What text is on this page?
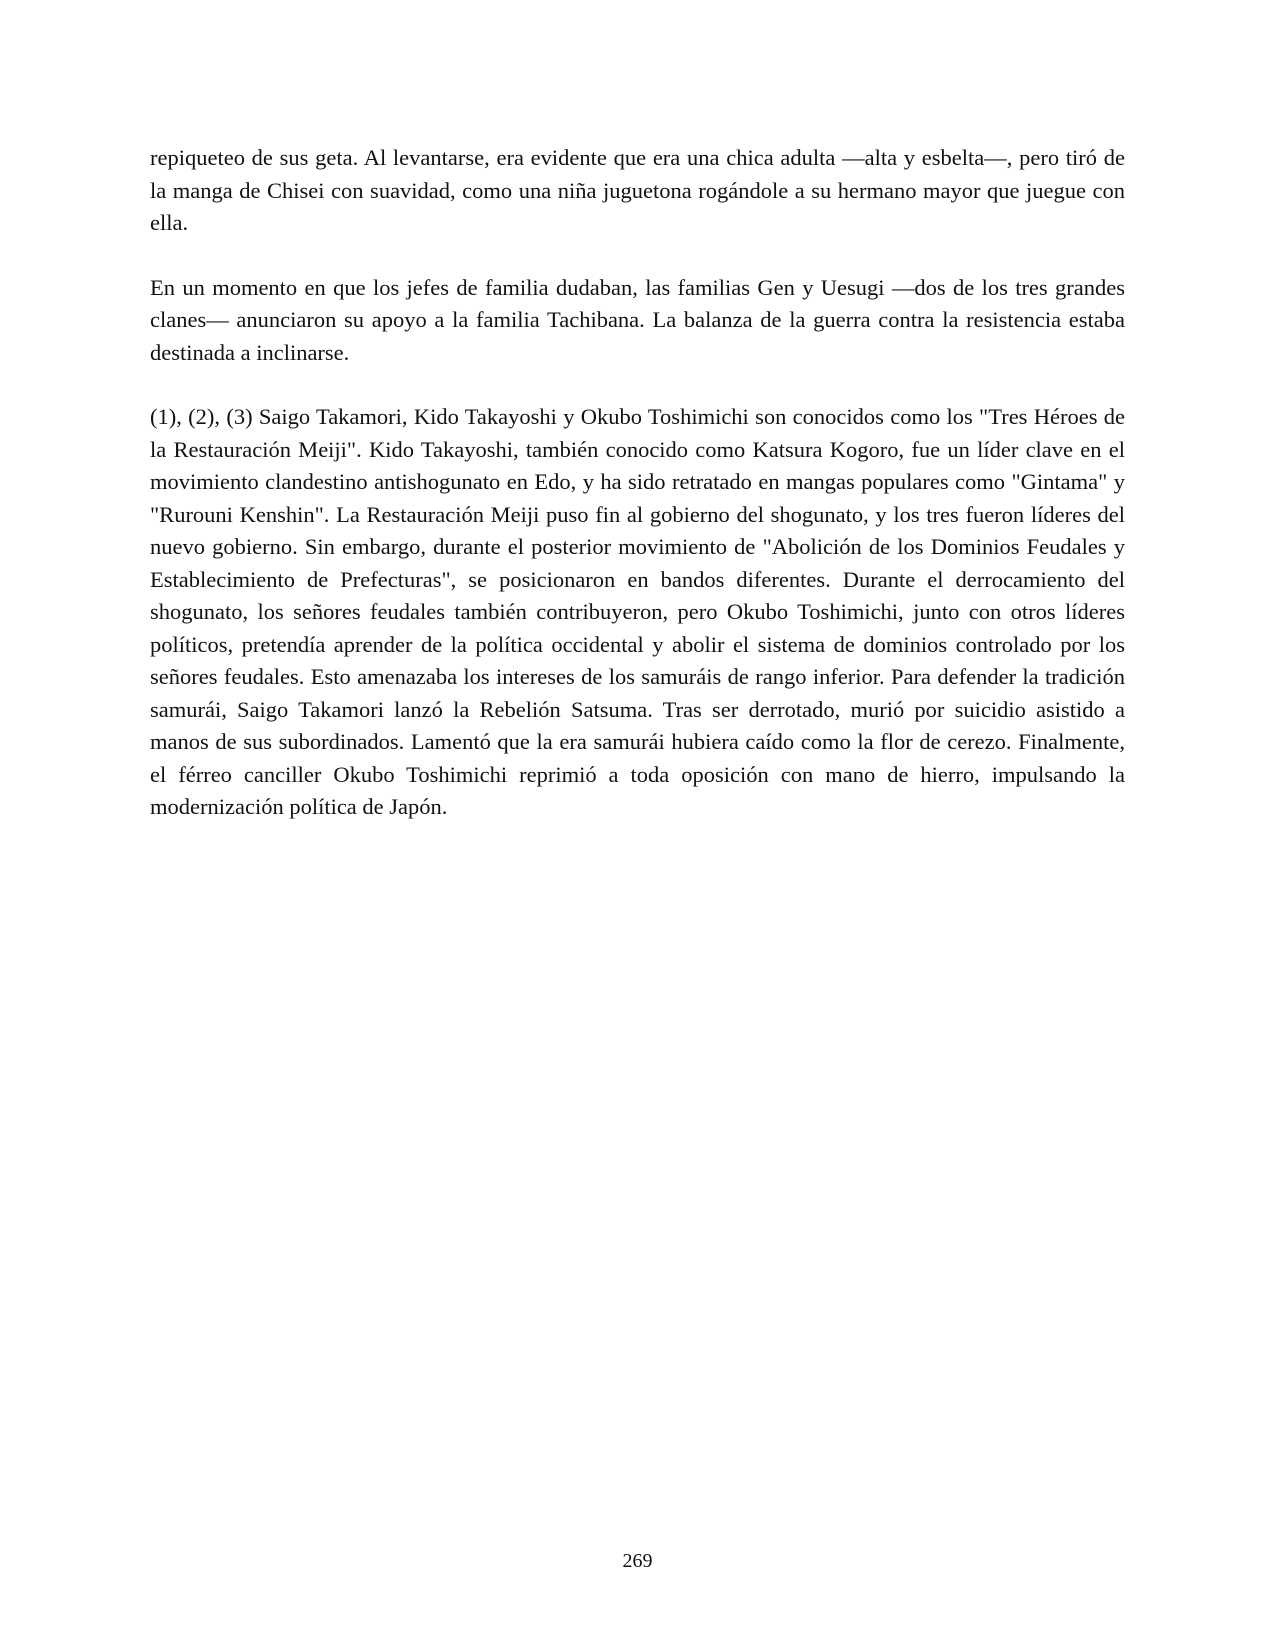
repiqueteo de sus geta. Al levantarse, era evidente que era una chica adulta —alta y esbelta—, pero tiró de la manga de Chisei con suavidad, como una niña juguetona rogándole a su hermano mayor que juegue con ella.

En un momento en que los jefes de familia dudaban, las familias Gen y Uesugi —dos de los tres grandes clanes— anunciaron su apoyo a la familia Tachibana. La balanza de la guerra contra la resistencia estaba destinada a inclinarse.

(1), (2), (3) Saigo Takamori, Kido Takayoshi y Okubo Toshimichi son conocidos como los "Tres Héroes de la Restauración Meiji". Kido Takayoshi, también conocido como Katsura Kogoro, fue un líder clave en el movimiento clandestino antishogunato en Edo, y ha sido retratado en mangas populares como "Gintama" y "Rurouni Kenshin". La Restauración Meiji puso fin al gobierno del shogunato, y los tres fueron líderes del nuevo gobierno. Sin embargo, durante el posterior movimiento de "Abolición de los Dominios Feudales y Establecimiento de Prefecturas", se posicionaron en bandos diferentes. Durante el derrocamiento del shogunato, los señores feudales también contribuyeron, pero Okubo Toshimichi, junto con otros líderes políticos, pretendía aprender de la política occidental y abolir el sistema de dominios controlado por los señores feudales. Esto amenazaba los intereses de los samuráis de rango inferior. Para defender la tradición samurái, Saigo Takamori lanzó la Rebelión Satsuma. Tras ser derrotado, murió por suicidio asistido a manos de sus subordinados. Lamentó que la era samurái hubiera caído como la flor de cerezo. Finalmente, el férreo canciller Okubo Toshimichi reprimió a toda oposición con mano de hierro, impulsando la modernización política de Japón.

269
